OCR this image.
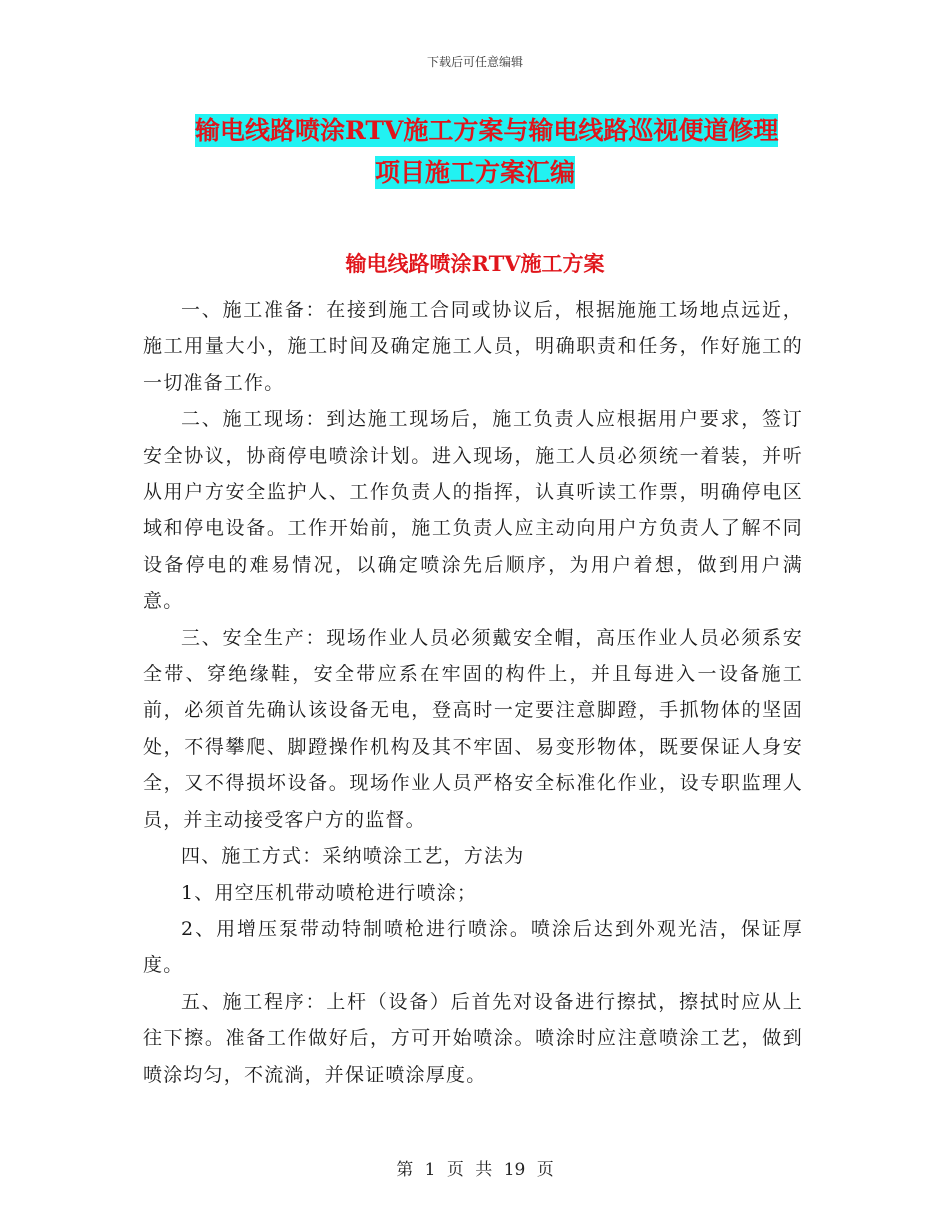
下载后可任意编辑
输电线路喷涂RTV施工方案与输电线路巡视便道修理
项目施工方案汇编
输电线路喷涂RTV施工方案

一、施工准备：在接到施工合同或协议后，根据施施工场地点远近，施工用量大小，施工时间及确定施工人员，明确职责和任务，作好施工的一切准备工作。

二、施工现场：到达施工现场后，施工负责人应根据用户要求，签订安全协议，协商停电喷涂计划。进入现场，施工人员必须统一着装，并听从用户方安全监护人、工作负责人的指挥，认真听读工作票，明确停电区域和停电设备。工作开始前，施工负责人应主动向用户方负责人了解不同设备停电的难易情况，以确定喷涂先后顺序，为用户着想，做到用户满意。

三、安全生产：现场作业人员必须戴安全帽，高压作业人员必须系安全带、穿绝缘鞋，安全带应系在牢固的构件上，并且每进入一设备施工前，必须首先确认该设备无电，登高时一定要注意脚蹬，手抓物体的坚固处，不得攀爬、脚蹬操作机构及其不牢固、易变形物体，既要保证人身安全，又不得损坏设备。现场作业人员严格安全标准化作业，设专职监理人员，并主动接受客户方的监督。

四、施工方式：采纳喷涂工艺，方法为

1、用空压机带动喷枪进行喷涂；

2、用增压泵带动特制喷枪进行喷涂。喷涂后达到外观光洁，保证厚度。

五、施工程序：上杆（设备）后首先对设备进行擦拭，擦拭时应从上往下擦。准备工作做好后，方可开始喷涂。喷涂时应注意喷涂工艺，做到喷涂均匀，不流淌，并保证喷涂厚度。

第 1 页 共 19 页
